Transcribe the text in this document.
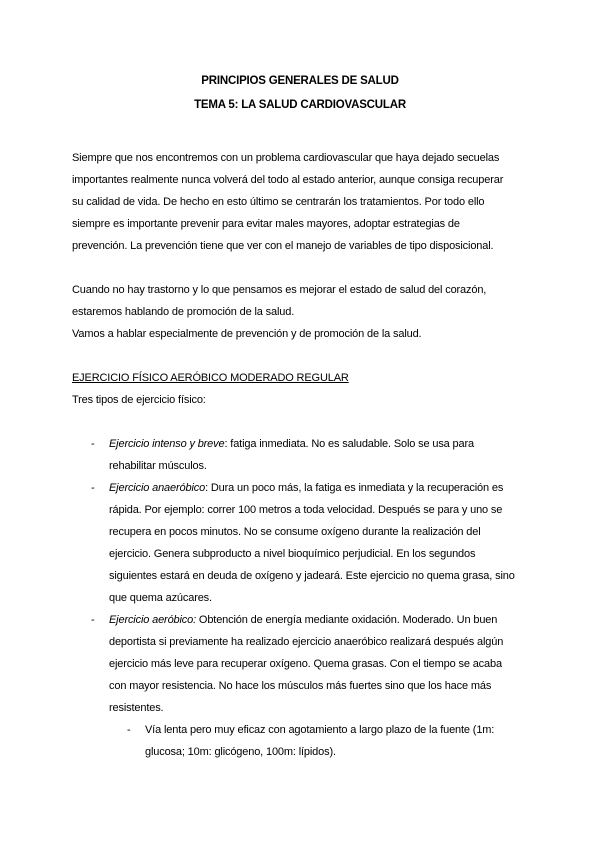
PRINCIPIOS GENERALES DE SALUD
TEMA 5: LA SALUD CARDIOVASCULAR
Siempre que nos encontremos con un problema cardiovascular que haya dejado secuelas
importantes realmente nunca volverá del todo al estado anterior, aunque consiga recuperar
su calidad de vida. De hecho en esto último se centrarán los tratamientos. Por todo ello
siempre es importante prevenir para evitar males mayores, adoptar estrategias de
prevención. La prevención tiene que ver con el manejo de variables de tipo disposicional.
Cuando no hay trastorno y lo que pensamos es mejorar el estado de salud del corazón,
estaremos hablando de promoción de la salud.
Vamos a hablar especialmente de prevención y de promoción de la salud.
EJERCICIO FÍSICO AERÓBICO MODERADO REGULAR
Tres tipos de ejercicio físico:
- Ejercicio intenso y breve: fatiga inmediata. No es saludable. Solo se usa para
rehabilitar músculos.
- Ejercicio anaeróbico: Dura un poco más, la fatiga es inmediata y la recuperación es
rápida. Por ejemplo: correr 100 metros a toda velocidad. Después se para y uno se
recupera en pocos minutos. No se consume oxígeno durante la realización del
ejercicio. Genera subproducto a nivel bioquímico perjudicial. En los segundos
siguientes estará en deuda de oxígeno y jadeará. Este ejercicio no quema grasa, sino
que quema azúcares.
- Ejercicio aeróbico: Obtención de energía mediante oxidación. Moderado. Un buen
deportista si previamente ha realizado ejercicio anaeróbico realizará después algún
ejercicio más leve para recuperar oxígeno. Quema grasas. Con el tiempo se acaba
con mayor resistencia. No hace los músculos más fuertes sino que los hace más
resistentes.
- Vía lenta pero muy eficaz con agotamiento a largo plazo de la fuente (1m:
glucosa; 10m: glicógeno, 100m: lípidos).
